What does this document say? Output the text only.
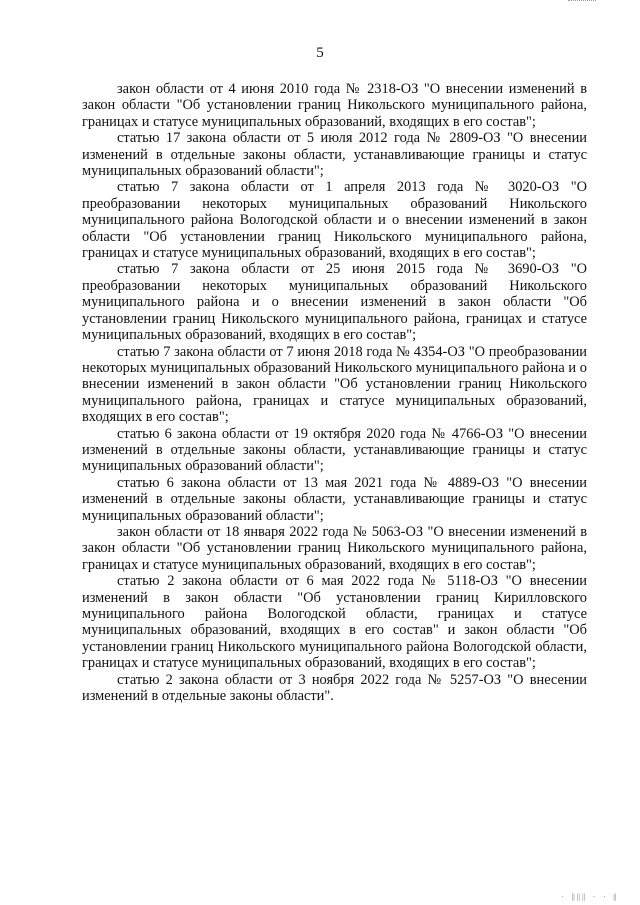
5

закон области от 4 июня 2010 года № 2318-ОЗ "О внесении изменений в закон области "Об установлении границ Никольского муниципального района, границах и статусе муниципальных образований, входящих в его состав";

статью 17 закона области от 5 июля 2012 года № 2809-ОЗ "О внесении изменений в отдельные законы области, устанавливающие границы и статус муниципальных образований области";

статью 7 закона области от 1 апреля 2013 года № 3020-ОЗ "О преобразовании некоторых муниципальных образований Никольского муниципального района Вологодской области и о внесении изменений в закон области "Об установлении границ Никольского муниципального района, границах и статусе муниципальных образований, входящих в его состав";

статью 7 закона области от 25 июня 2015 года № 3690-ОЗ "О преобразовании некоторых муниципальных образований Никольского муниципального района и о внесении изменений в закон области "Об установлении границ Никольского муниципального района, границах и статусе муниципальных образований, входящих в его состав";

статью 7 закона области от 7 июня 2018 года № 4354-ОЗ "О преобразовании некоторых муниципальных образований Никольского муниципального района и о внесении изменений в закон области "Об установлении границ Никольского муниципального района, границах и статусе муниципальных образований, входящих в его состав";

статью 6 закона области от 19 октября 2020 года № 4766-ОЗ "О внесении изменений в отдельные законы области, устанавливающие границы и статус муниципальных образований области";

статью 6 закона области от 13 мая 2021 года № 4889-ОЗ "О внесении изменений в отдельные законы области, устанавливающие границы и статус муниципальных образований области";

закон области от 18 января 2022 года № 5063-ОЗ "О внесении изменений в закон области "Об установлении границ Никольского муниципального района, границах и статусе муниципальных образований, входящих в его состав";

статью 2 закона области от 6 мая 2022 года № 5118-ОЗ "О внесении изменений в закон области "Об установлении границ Кирилловского муниципального района Вологодской области, границах и статусе муниципальных образований, входящих в его состав" и закон области "Об установлении границ Никольского муниципального района Вологодской области, границах и статусе муниципальных образований, входящих в его состав";

статью 2 закона области от 3 ноября 2022 года № 5257-ОЗ "О внесении изменений в отдельные законы области".

· ‖‖‖ · · ‖
